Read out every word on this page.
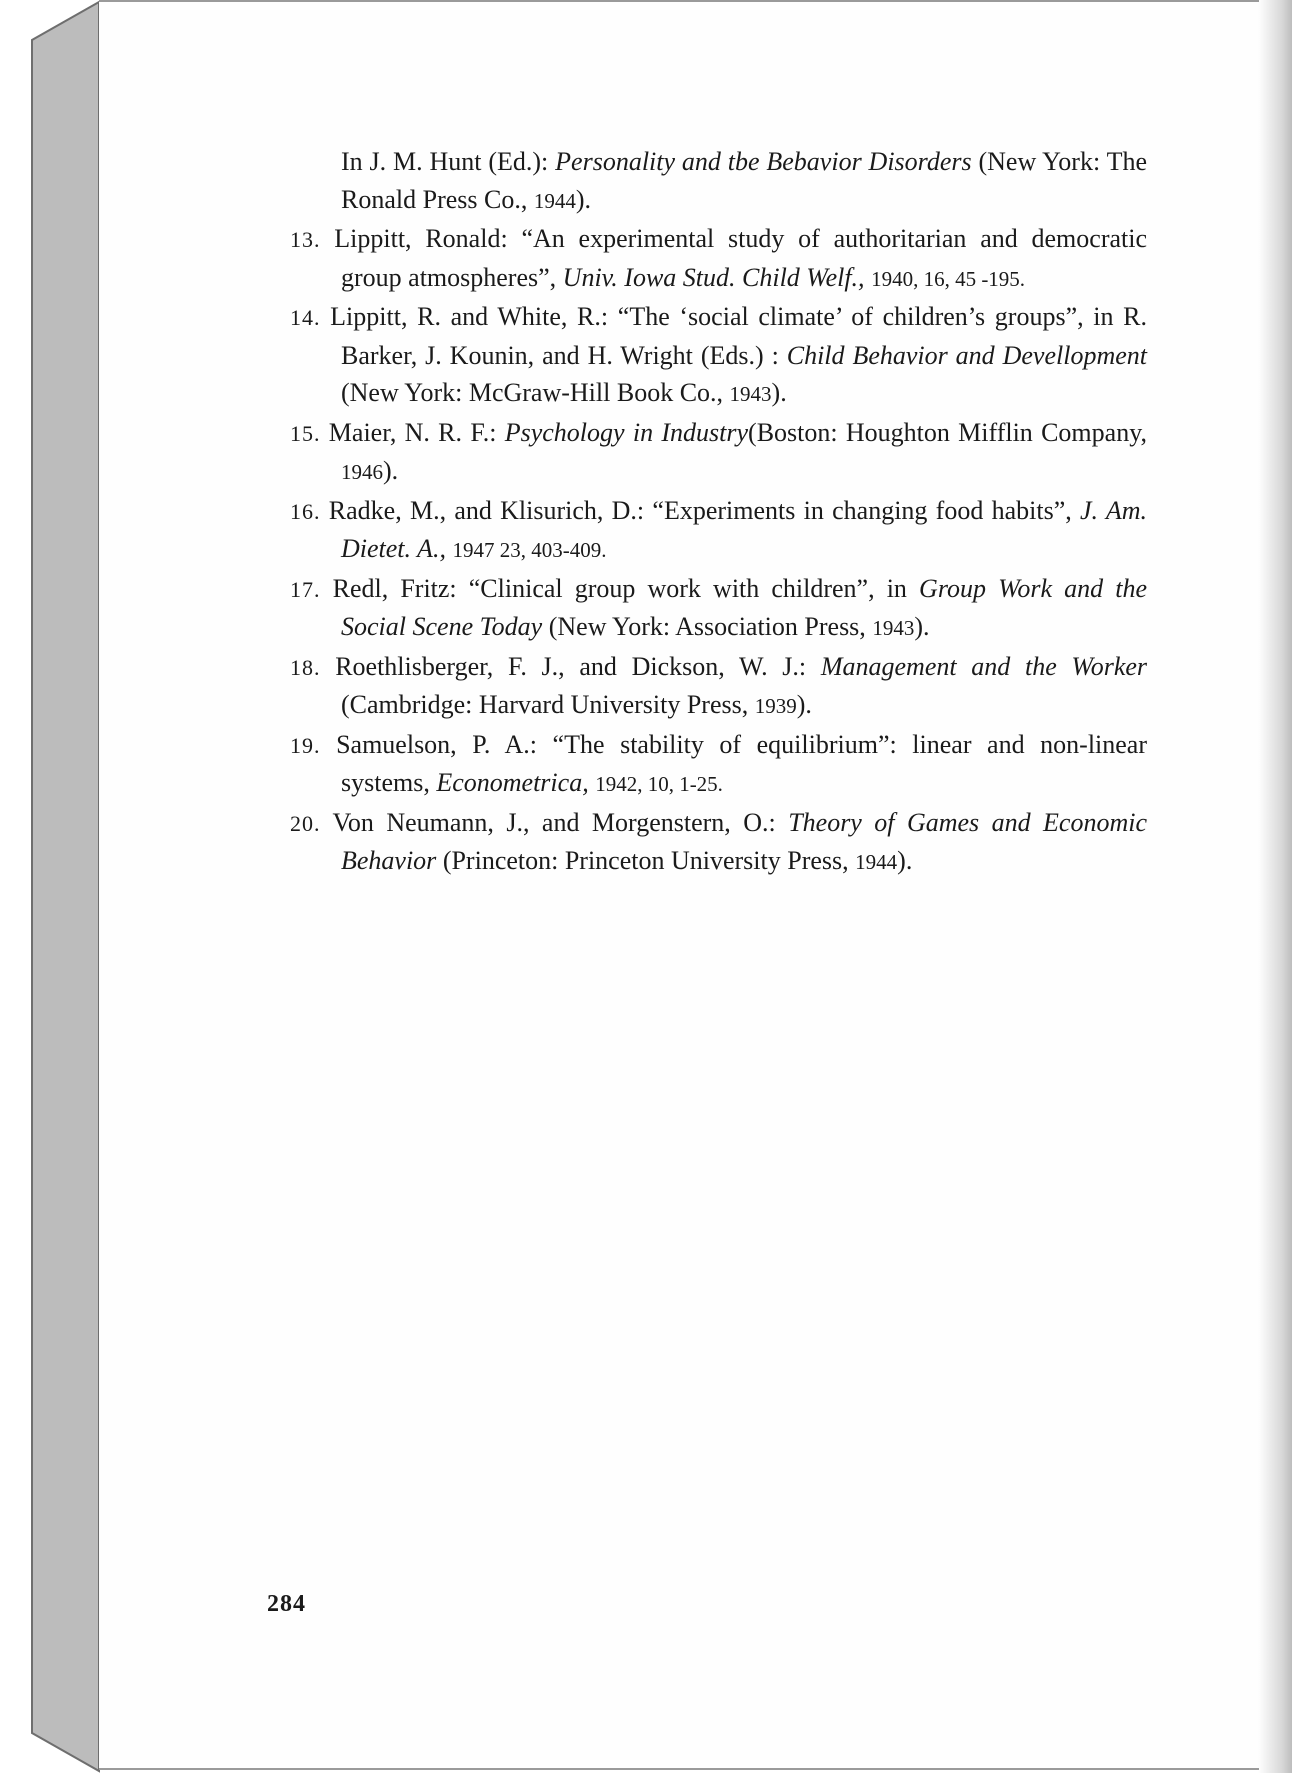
In J. M. Hunt (Ed.): Personality and tbe Bebavior Disorders (New York: The Ronald Press Co., 1944).

13. Lippitt, Ronald: “An experimental study of authoritarian and democratic group atmospheres”, Univ. Iowa Stud. Child Welf., 1940, 16, 45 -195.

14. Lippitt, R. and White, R.: “The ‘social climate’ of children’s groups”, in R. Barker, J. Kounin, and H. Wright (Eds.) : Child Behavior and Devellopment (New York: McGraw-Hill Book Co., 1943).

15. Maier, N. R. F.: Psychology in Industry(Boston: Houghton Mifflin Company, 1946).

16. Radke, M., and Klisurich, D.: “Experiments in changing food habits”, J. Am. Dietet. A., 1947 23, 403-409.

17. Redl, Fritz: “Clinical group work with children”, in Group Work and the Social Scene Today (New York: Association Press, 1943).

18. Roethlisberger, F. J., and Dickson, W. J.: Management and the Worker (Cambridge: Harvard University Press, 1939).

19. Samuelson, P. A.: “The stability of equilibrium”: linear and non-linear systems, Econometrica, 1942, 10, 1-25.

20. Von Neumann, J., and Morgenstern, O.: Theory of Games and Economic Behavior (Princeton: Princeton University Press, 1944).

284
